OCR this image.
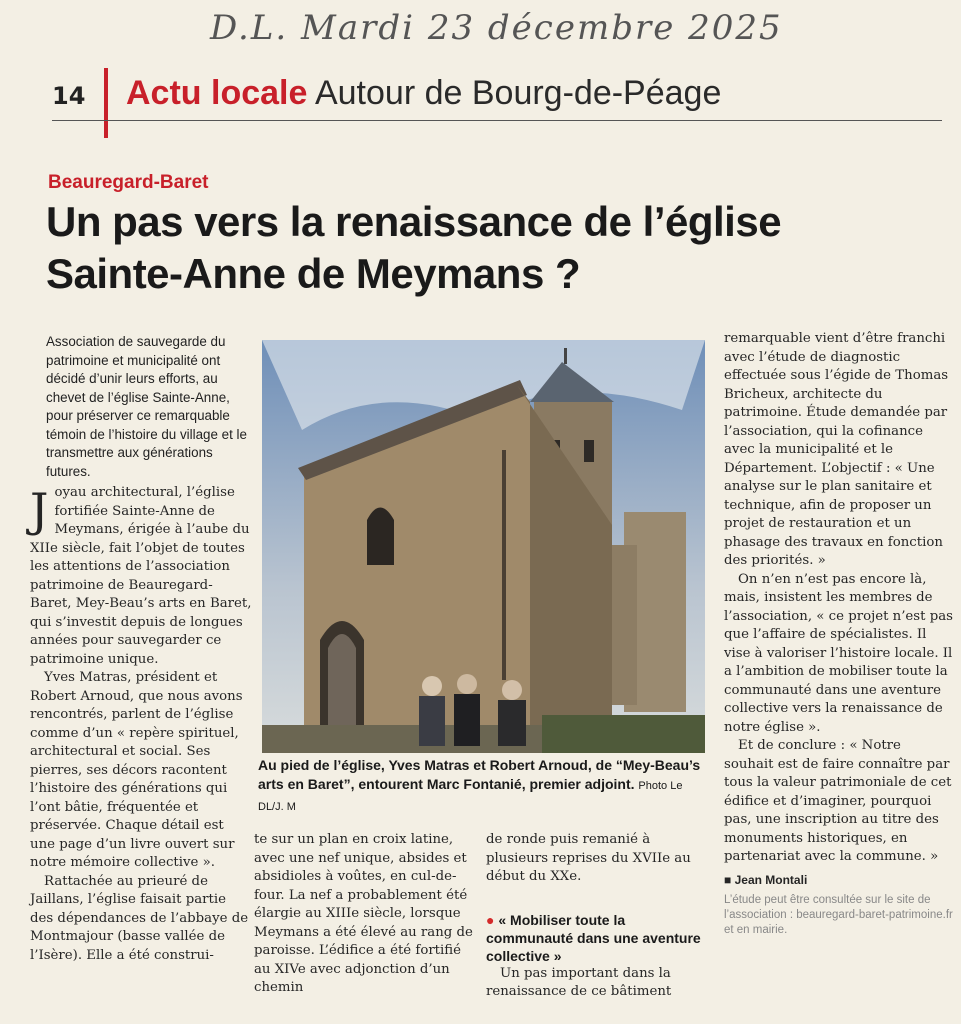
D.L. Mardi 23 décembre 2025
14 Actu locale Autour de Bourg-de-Péage
Beauregard-Baret
Un pas vers la renaissance de l’église
Sainte-Anne de Meymans ?
Association de sauvegarde du patrimoine et municipalité ont décidé d’unir leurs efforts, au chevet de l’église Sainte-Anne, pour préserver ce remarquable témoin de l’histoire du village et le transmettre aux générations futures.

Joyau architectural, l’église fortifiée Sainte-Anne de Meymans, érigée à l’aube du XIIe siècle, fait l’objet de toutes les attentions de l’association patrimoine de Beauregard-Baret, Mey-Beau’s arts en Baret, qui s’investit depuis de longues années pour sauvegarder ce patrimoine unique.

Yves Matras, président et Robert Arnoud, que nous avons rencontrés, parlent de l’église comme d’un « repère spirituel, architectural et social. Ses pierres, ses décors racontent l’histoire des générations qui l’ont bâtie, fréquentée et préservée. Chaque détail est une page d’un livre ouvert sur notre mémoire collective ».

Rattachée au prieuré de Jaillans, l’église faisait partie des dépendances de l’abbaye de Montmajour (basse vallée de l’Isère). Elle a été construi-

Au pied de l’église, Yves Matras et Robert Arnoud, de “Mey-Beau’s arts en Baret”, entourent Marc Fontanié, premier adjoint. Photo Le DL/J. M

te sur un plan en croix latine, avec une nef unique, absides et absidioles à voûtes, en cul-de-four. La nef a probablement été élargie au XIIIe siècle, lorsque Meymans a été élevé au rang de paroisse. L’édifice a été fortifié au XIVe avec adjonction d’un chemin

de ronde puis remanié à plusieurs reprises du XVIIe au début du XXe.

● « Mobiliser toute la communauté dans une aventure collective »

Un pas important dans la renaissance de ce bâtiment

remarquable vient d’être franchi avec l’étude de diagnostic effectuée sous l’égide de Thomas Bricheux, architecte du patrimoine. Étude demandée par l’association, qui la cofinance avec la municipalité et le Département. L’objectif : « Une analyse sur le plan sanitaire et technique, afin de proposer un projet de restauration et un phasage des travaux en fonction des priorités. »

On n’en n’est pas encore là, mais, insistent les membres de l’association, « ce projet n’est pas que l’affaire de spécialistes. Il vise à valoriser l’histoire locale. Il a l’ambition de mobiliser toute la communauté dans une aventure collective vers la renaissance de notre église ».

Et de conclure : « Notre souhait est de faire connaître par tous la valeur patrimoniale de cet édifice et d’imaginer, pourquoi pas, une inscription au titre des monuments historiques, en partenariat avec la commune. »

■ Jean Montali
L’étude peut être consultée sur le site de l’association : beauregard-baret-patrimoine.fr et en mairie.
